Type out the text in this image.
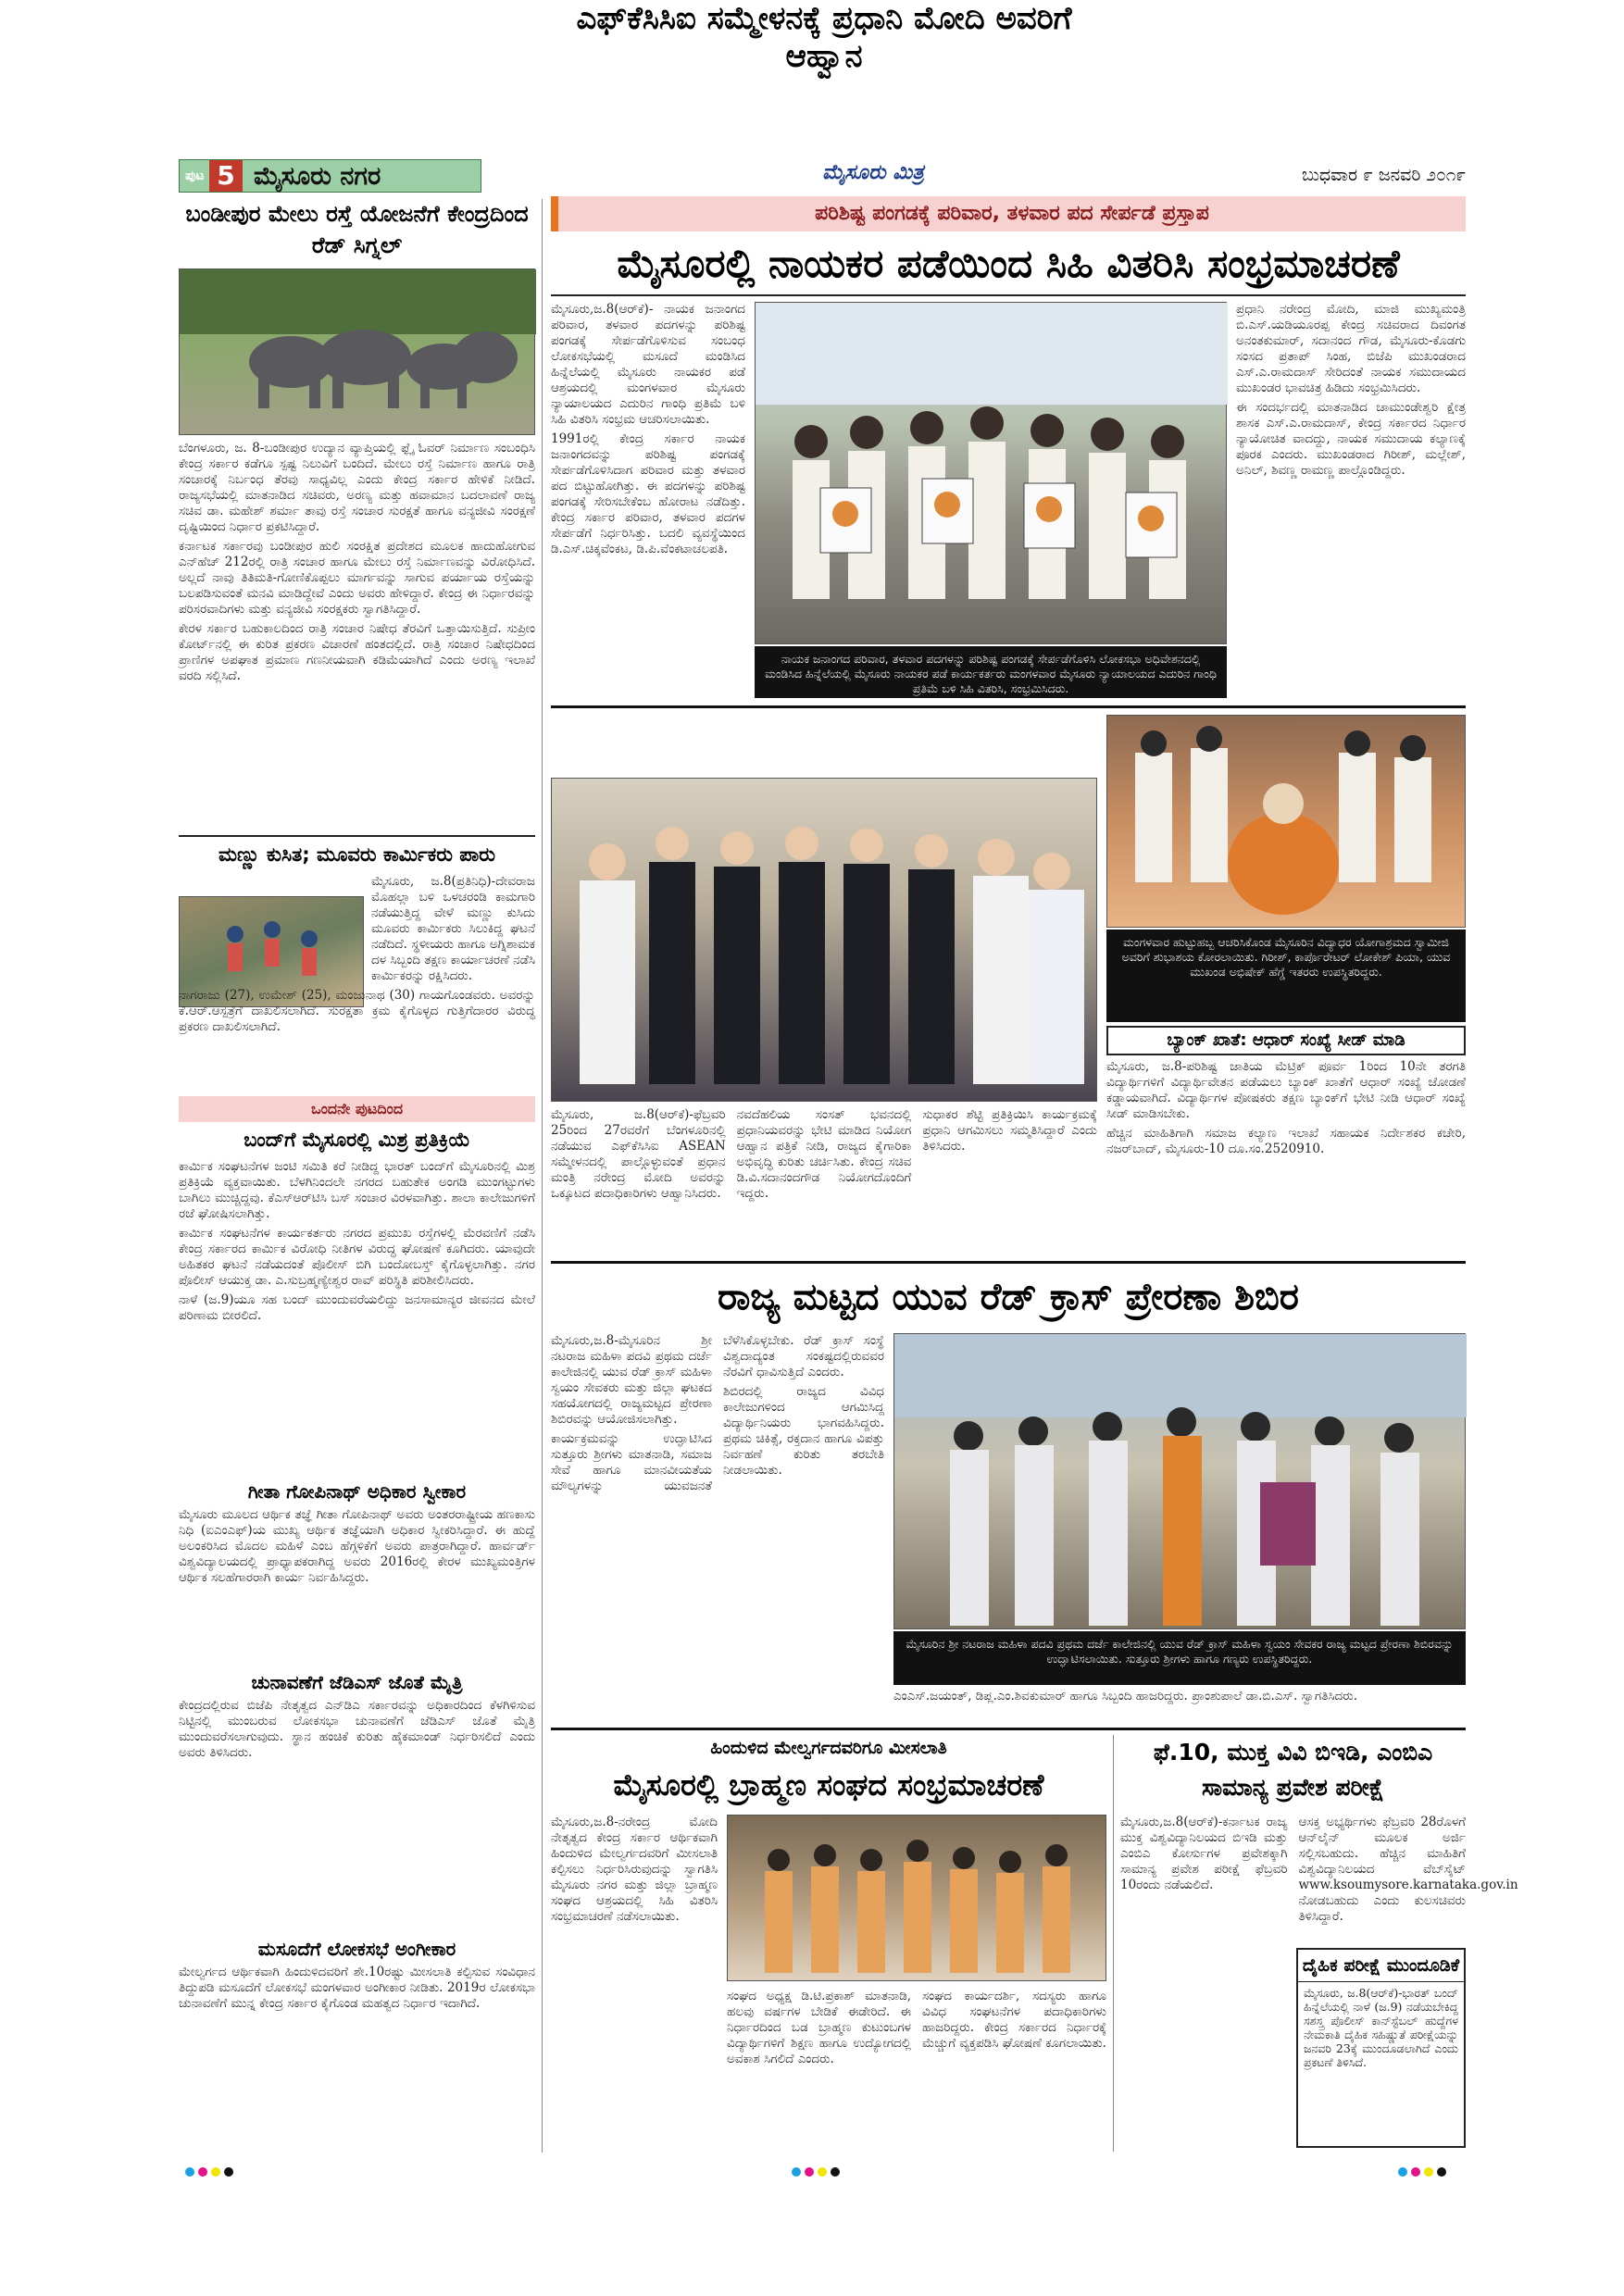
ಪುಟ 5 ಮೈಸೂರು ನಗರ	ಮೈಸೂರು ಮಿತ್ರ	ಬುಧವಾರ ೯ ಜನವರಿ ೨೦೧೯
ಪರಿಶಿಷ್ಟ ಪಂಗಡಕ್ಕೆ ಪರಿವಾರ, ತಳವಾರ ಪದ ಸೇರ್ಪಡೆ ಪ್ರಸ್ತಾಪ
ಮೈಸೂರಲ್ಲಿ ನಾಯಕರ ಪಡೆಯಿಂದ ಸಿಹಿ ವಿತರಿಸಿ ಸಂಭ್ರಮಾಚರಣೆ

ಮೈಸೂರು,ಜ.8(ಆರ್‌ಕೆ)- ನಾಯಕ ಜನಾಂಗದ ಪರಿವಾರ, ತಳವಾರ ಪದಗಳನ್ನು ಪರಿಶಿಷ್ಟ ಪಂಗಡಕ್ಕೆ ಸೇರ್ಪಡೆಗೊಳಿಸುವ ಸಂಬಂಧ ಲೋಕಸಭೆಯಲ್ಲಿ ಮಸೂದೆ ಮಂಡಿಸಿದ ಹಿನ್ನೆಲೆಯಲ್ಲಿ ಮೈಸೂರು ನಾಯಕರ ಪಡೆ ಆಶ್ರಯದಲ್ಲಿ ಮಂಗಳವಾರ ಮೈಸೂರು ನ್ಯಾಯಾಲಯದ ಎದುರಿನ ಗಾಂಧಿ ಪ್ರತಿಮೆ ಬಳಿ ಸಿಹಿ ವಿತರಿಸಿ ಸಂಭ್ರಮ ಆಚರಿಸಲಾಯಿತು.

1991ರಲ್ಲಿ ಕೇಂದ್ರ ಸರ್ಕಾರ ನಾಯಕ ಜನಾಂಗದವನ್ನು ಪರಿಶಿಷ್ಟ ಪಂಗಡಕ್ಕೆ ಸೇರ್ಪಡೆಗೊಳಿಸಿದಾಗ ಪರಿವಾರ ಮತ್ತು ತಳವಾರ ಪದ ಬಿಟ್ಟುಹೋಗಿತ್ತು. ಈ ಪದಗಳನ್ನು ಪರಿಶಿಷ್ಟ ಪಂಗಡಕ್ಕೆ ಸೇರಿಸಬೇಕೆಂಬ ಹೋರಾಟ ನಡೆದಿತ್ತು. ಕೇಂದ್ರ ಸರ್ಕಾರ ಪರಿವಾರ, ತಳವಾರ ಪದಗಳ ಸೇರ್ಪಡೆಗೆ ನಿರ್ಧರಿಸಿತ್ತು. ಬದಲಿ ವ್ಯವಸ್ಥೆಯಿಂದ ಡಿ.ಎಸ್.ಚಿಕ್ಕವೆಂಕಟ, ಡಿ.ಪಿ.ವೆಂಕಟಾಚಲಪತಿ.

ನಾಯಕ ಜನಾಂಗದ ಪರಿವಾರ, ತಳವಾರ ಪದಗಳನ್ನು ಪರಿಶಿಷ್ಟ ಪಂಗಡಕ್ಕೆ ಸೇರ್ಪಡೆಗೊಳಿಸಿ ಲೋಕಸಭಾ ಅಧಿವೇಶನದಲ್ಲಿ ಮಂಡಿಸಿದ ಹಿನ್ನೆಲೆಯಲ್ಲಿ ಮೈಸೂರು ನಾಯಕರ ಪಡೆ ಕಾರ್ಯಕರ್ತರು ಮಂಗಳವಾರ ಮೈಸೂರು ನ್ಯಾಯಾಲಯದ ಎದುರಿನ ಗಾಂಧಿ ಪ್ರತಿಮೆ ಬಳಿ ಸಿಹಿ ವಿತರಿಸಿ, ಸಂಭ್ರಮಿಸಿದರು.

ಪ್ರಧಾನಿ ನರೇಂದ್ರ ಮೋದಿ, ಮಾಜಿ ಮುಖ್ಯಮಂತ್ರಿ ಬಿ.ಎಸ್.ಯಡಿಯೂರಪ್ಪ ಕೇಂದ್ರ ಸಚಿವರಾದ ದಿವಂಗತ ಅನಂತಕುಮಾರ್, ಸದಾನಂದ ಗೌಡ, ಮೈಸೂರು-ಕೊಡಗು ಸಂಸದ ಪ್ರತಾಪ್ ಸಿಂಹ, ಬಿಜೆಪಿ ಮುಖಂಡರಾದ ಎಸ್.ಎ.ರಾಮದಾಸ್ ಸೇರಿದಂತೆ ನಾಯಕ ಸಮುದಾಯದ ಮುಖಂಡರ ಭಾವಚಿತ್ರ ಹಿಡಿದು ಸಂಭ್ರಮಿಸಿದರು.

ಈ ಸಂದರ್ಭದಲ್ಲಿ ಮಾತನಾಡಿದ ಚಾಮುಂಡೇಶ್ವರಿ ಕ್ಷೇತ್ರ ಶಾಸಕ ಎಸ್.ಎ.ರಾಮದಾಸ್, ಕೇಂದ್ರ ಸರ್ಕಾರದ ನಿರ್ಧಾರ ನ್ಯಾಯೋಚಿತ ವಾದದ್ದು, ನಾಯಕ ಸಮುದಾಯ ಕಲ್ಯಾಣಕ್ಕೆ ಪೂರಕ ಎಂದರು. ಮುಖಂಡರಾದ ಗಿರೀಶ್, ಮಲ್ಲೇಶ್, ಅನಿಲ್, ಶಿವಣ್ಣ ರಾಮಣ್ಣ ಪಾಲ್ಗೊಂಡಿದ್ದರು.

ಬಂಡೀಪುರ ಮೇಲು ರಸ್ತೆ ಯೋಜನೆಗೆ ಕೇಂದ್ರದಿಂದ ರೆಡ್ ಸಿಗ್ನಲ್

ಬೆಂಗಳೂರು, ಜ. 8-ಬಂಡೀಪುರ ಉದ್ಯಾನ ವ್ಯಾಪ್ತಿಯಲ್ಲಿ ಫ್ಲೈ ಓವರ್ ನಿರ್ಮಾಣ ಸಂಬಂಧಿಸಿ ಕೇಂದ್ರ ಸರ್ಕಾರ ಕಡೆಗೂ ಸ್ಪಷ್ಟ ನಿಲುವಿಗೆ ಬಂದಿದೆ. ಮೇಲು ರಸ್ತೆ ನಿರ್ಮಾಣ ಹಾಗೂ ರಾತ್ರಿ ಸಂಚಾರಕ್ಕೆ ನಿರ್ಬಂಧ ತೆರವು ಸಾಧ್ಯವಿಲ್ಲ ಎಂದು ಕೇಂದ್ರ ಸರ್ಕಾರ ಹೇಳಿಕೆ ನೀಡಿದೆ. ರಾಜ್ಯಸಭೆಯಲ್ಲಿ ಮಾತನಾಡಿದ ಸಚಿವರು, ಅರಣ್ಯ ಮತ್ತು ಹವಾಮಾನ ಬದಲಾವಣೆ ರಾಜ್ಯ ಸಚಿವ ಡಾ. ಮಹೇಶ್ ಶರ್ಮಾ ತಾವು ರಸ್ತೆ ಸಂಚಾರ ಸುರಕ್ಷತೆ ಹಾಗೂ ವನ್ಯಜೀವಿ ಸಂರಕ್ಷಣೆ ದೃಷ್ಟಿಯಿಂದ ನಿರ್ಧಾರ ಪ್ರಕಟಿಸಿದ್ದಾರೆ.

ಕರ್ನಾಟಕ ಸರ್ಕಾರವು ಬಂಡೀಪುರ ಹುಲಿ ಸಂರಕ್ಷಿತ ಪ್ರದೇಶದ ಮೂಲಕ ಹಾದುಹೋಗುವ ಎನ್‌ಹೆಚ್ 212ರಲ್ಲಿ ರಾತ್ರಿ ಸಂಚಾರ ಹಾಗೂ ಮೇಲು ರಸ್ತೆ ನಿರ್ಮಾಣವನ್ನು ವಿರೋಧಿಸಿದೆ. ಅಲ್ಲದೆ ನಾವು ತಿತಿಮತಿ-ಗೋಣಿಕೊಪ್ಪಲು ಮಾರ್ಗವನ್ನು ಸಾಗುವ ಪರ್ಯಾಯ ರಸ್ತೆಯನ್ನು ಬಲಪಡಿಸುವಂತೆ ಮನವಿ ಮಾಡಿದ್ದೇವೆ ಎಂದು ಅವರು ಹೇಳಿದ್ದಾರೆ. ಕೇಂದ್ರ ಈ ನಿರ್ಧಾರವನ್ನು ಪರಿಸರವಾದಿಗಳು ಮತ್ತು ವನ್ಯಜೀವಿ ಸಂರಕ್ಷಕರು ಸ್ವಾಗತಿಸಿದ್ದಾರೆ.

ಕೇರಳ ಸರ್ಕಾರ ಬಹುಕಾಲದಿಂದ ರಾತ್ರಿ ಸಂಚಾರ ನಿಷೇಧ ತೆರವಿಗೆ ಒತ್ತಾಯಿಸುತ್ತಿದೆ. ಸುಪ್ರೀಂ ಕೋರ್ಟ್‌ನಲ್ಲಿ ಈ ಕುರಿತ ಪ್ರಕರಣ ವಿಚಾರಣೆ ಹಂತದಲ್ಲಿದೆ. ರಾತ್ರಿ ಸಂಚಾರ ನಿಷೇಧದಿಂದ ಪ್ರಾಣಿಗಳ ಅಪಘಾತ ಪ್ರಮಾಣ ಗಣನೀಯವಾಗಿ ಕಡಿಮೆಯಾಗಿದೆ ಎಂದು ಅರಣ್ಯ ಇಲಾಖೆ ವರದಿ ಸಲ್ಲಿಸಿದೆ.

ಮಣ್ಣು ಕುಸಿತ; ಮೂವರು ಕಾರ್ಮಿಕರು ಪಾರು

ಮೈಸೂರು, ಜ.8(ಪ್ರತಿನಿಧಿ)-ದೇವರಾಜ ಮೊಹಲ್ಲಾ ಬಳಿ ಒಳಚರಂಡಿ ಕಾಮಗಾರಿ ನಡೆಯುತ್ತಿದ್ದ ವೇಳೆ ಮಣ್ಣು ಕುಸಿದು ಮೂವರು ಕಾರ್ಮಿಕರು ಸಿಲುಕಿದ್ದ ಘಟನೆ ನಡೆದಿದೆ. ಸ್ಥಳೀಯರು ಹಾಗೂ ಅಗ್ನಿಶಾಮಕ ದಳ ಸಿಬ್ಬಂದಿ ತಕ್ಷಣ ಕಾರ್ಯಾಚರಣೆ ನಡೆಸಿ ಕಾರ್ಮಿಕರನ್ನು ರಕ್ಷಿಸಿದರು.

ನಾಗರಾಜು (27), ಉಮೇಶ್ (25), ಮಂಜುನಾಥ (30) ಗಾಯಗೊಂಡವರು. ಅವರನ್ನು ಕೆ.ಆರ್.ಆಸ್ಪತ್ರೆಗೆ ದಾಖಲಿಸಲಾಗಿದೆ. ಸುರಕ್ಷತಾ ಕ್ರಮ ಕೈಗೊಳ್ಳದ ಗುತ್ತಿಗೆದಾರರ ವಿರುದ್ಧ ಪ್ರಕರಣ ದಾಖಲಿಸಲಾಗಿದೆ.

ಒಂದನೇ ಪುಟದಿಂದ
ಬಂದ್‌ಗೆ ಮೈಸೂರಲ್ಲಿ ಮಿಶ್ರ ಪ್ರತಿಕ್ರಿಯೆ

ಕಾರ್ಮಿಕ ಸಂಘಟನೆಗಳ ಜಂಟಿ ಸಮಿತಿ ಕರೆ ನೀಡಿದ್ದ ಭಾರತ್ ಬಂದ್‌ಗೆ ಮೈಸೂರಿನಲ್ಲಿ ಮಿಶ್ರ ಪ್ರತಿಕ್ರಿಯೆ ವ್ಯಕ್ತವಾಯಿತು. ಬೆಳಗಿನಿಂದಲೇ ನಗರದ ಬಹುತೇಕ ಅಂಗಡಿ ಮುಂಗಟ್ಟುಗಳು ಬಾಗಿಲು ಮುಚ್ಚಿದ್ದವು. ಕೆಎಸ್‌ಆರ್‌ಟಿಸಿ ಬಸ್ ಸಂಚಾರ ವಿರಳವಾಗಿತ್ತು. ಶಾಲಾ ಕಾಲೇಜುಗಳಿಗೆ ರಜೆ ಘೋಷಿಸಲಾಗಿತ್ತು.

ಕಾರ್ಮಿಕ ಸಂಘಟನೆಗಳ ಕಾರ್ಯಕರ್ತರು ನಗರದ ಪ್ರಮುಖ ರಸ್ತೆಗಳಲ್ಲಿ ಮೆರವಣಿಗೆ ನಡೆಸಿ ಕೇಂದ್ರ ಸರ್ಕಾರದ ಕಾರ್ಮಿಕ ವಿರೋಧಿ ನೀತಿಗಳ ವಿರುದ್ಧ ಘೋಷಣೆ ಕೂಗಿದರು. ಯಾವುದೇ ಅಹಿತಕರ ಘಟನೆ ನಡೆಯದಂತೆ ಪೊಲೀಸ್ ಬಿಗಿ ಬಂದೋಬಸ್ತ್ ಕೈಗೊಳ್ಳಲಾಗಿತ್ತು. ನಗರ ಪೊಲೀಸ್ ಆಯುಕ್ತ ಡಾ. ಎ.ಸುಬ್ರಹ್ಮಣ್ಯೇಶ್ವರ ರಾವ್ ಪರಿಸ್ಥಿತಿ ಪರಿಶೀಲಿಸಿದರು.

ನಾಳೆ (ಜ.9)ಯೂ ಸಹ ಬಂದ್ ಮುಂದುವರೆಯಲಿದ್ದು ಜನಸಾಮಾನ್ಯರ ಜೀವನದ ಮೇಲೆ ಪರಿಣಾಮ ಬೀರಲಿದೆ.

ಗೀತಾ ಗೋಪಿನಾಥ್ ಅಧಿಕಾರ ಸ್ವೀಕಾರ

ಮೈಸೂರು ಮೂಲದ ಆರ್ಥಿಕ ತಜ್ಞೆ ಗೀತಾ ಗೋಪಿನಾಥ್ ಅವರು ಅಂತರರಾಷ್ಟ್ರೀಯ ಹಣಕಾಸು ನಿಧಿ (ಐಎಂಎಫ್)ಯ ಮುಖ್ಯ ಆರ್ಥಿಕ ತಜ್ಞೆಯಾಗಿ ಅಧಿಕಾರ ಸ್ವೀಕರಿಸಿದ್ದಾರೆ. ಈ ಹುದ್ದೆ ಅಲಂಕರಿಸಿದ ಮೊದಲ ಮಹಿಳೆ ಎಂಬ ಹೆಗ್ಗಳಿಕೆಗೆ ಅವರು ಪಾತ್ರರಾಗಿದ್ದಾರೆ. ಹಾರ್ವರ್ಡ್ ವಿಶ್ವವಿದ್ಯಾಲಯದಲ್ಲಿ ಪ್ರಾಧ್ಯಾಪಕರಾಗಿದ್ದ ಅವರು 2016ರಲ್ಲಿ ಕೇರಳ ಮುಖ್ಯಮಂತ್ರಿಗಳ ಆರ್ಥಿಕ ಸಲಹೆಗಾರರಾಗಿ ಕಾರ್ಯ ನಿರ್ವಹಿಸಿದ್ದರು.

ಚುನಾವಣೆಗೆ ಜೆಡಿಎಸ್ ಜೊತೆ ಮೈತ್ರಿ

ಕೇಂದ್ರದಲ್ಲಿರುವ ಬಿಜೆಪಿ ನೇತೃತ್ವದ ಎನ್‌ಡಿಎ ಸರ್ಕಾರವನ್ನು ಅಧಿಕಾರದಿಂದ ಕೆಳಗಿಳಿಸುವ ನಿಟ್ಟಿನಲ್ಲಿ ಮುಂಬರುವ ಲೋಕಸಭಾ ಚುನಾವಣೆಗೆ ಜೆಡಿಎಸ್ ಜೊತೆ ಮೈತ್ರಿ ಮುಂದುವರೆಸಲಾಗುವುದು. ಸ್ಥಾನ ಹಂಚಿಕೆ ಕುರಿತು ಹೈಕಮಾಂಡ್ ನಿರ್ಧರಿಸಲಿದೆ ಎಂದು ಅವರು ತಿಳಿಸಿದರು.

ಮಸೂದೆಗೆ ಲೋಕಸಭೆ ಅಂಗೀಕಾರ

ಮೇಲ್ವರ್ಗದ ಆರ್ಥಿಕವಾಗಿ ಹಿಂದುಳಿದವರಿಗೆ ಶೇ.10ರಷ್ಟು ಮೀಸಲಾತಿ ಕಲ್ಪಿಸುವ ಸಂವಿಧಾನ ತಿದ್ದುಪಡಿ ಮಸೂದೆಗೆ ಲೋಕಸಭೆ ಮಂಗಳವಾರ ಅಂಗೀಕಾರ ನೀಡಿತು. 2019ರ ಲೋಕಸಭಾ ಚುನಾವಣೆಗೆ ಮುನ್ನ ಕೇಂದ್ರ ಸರ್ಕಾರ ಕೈಗೊಂಡ ಮಹತ್ವದ ನಿರ್ಧಾರ ಇದಾಗಿದೆ.

ಎಫ್‌ಕೆಸಿಸಿಐ ಸಮ್ಮೇಳನಕ್ಕೆ ಪ್ರಧಾನಿ ಮೋದಿ ಅವರಿಗೆ ಆಹ್ವಾನ

ಮೈಸೂರು, ಜ.8(ಆರ್‌ಕೆ)-ಫೆಬ್ರವರಿ 25ರಿಂದ 27ರವರೆಗೆ ಬೆಂಗಳೂರಿನಲ್ಲಿ ನಡೆಯುವ ಎಫ್‌ಕೆಸಿಸಿಐ ASEAN ಸಮ್ಮೇಳನದಲ್ಲಿ ಪಾಲ್ಗೊಳ್ಳುವಂತೆ ಪ್ರಧಾನ ಮಂತ್ರಿ ನರೇಂದ್ರ ಮೋದಿ ಅವರನ್ನು ಒಕ್ಕೂಟದ ಪದಾಧಿಕಾರಿಗಳು ಆಹ್ವಾನಿಸಿದರು.

ನವದೆಹಲಿಯ ಸಂಸತ್ ಭವನದಲ್ಲಿ ಪ್ರಧಾನಿಯವರನ್ನು ಭೇಟಿ ಮಾಡಿದ ನಿಯೋಗ ಆಹ್ವಾನ ಪತ್ರಿಕೆ ನೀಡಿ, ರಾಜ್ಯದ ಕೈಗಾರಿಕಾ ಅಭಿವೃದ್ಧಿ ಕುರಿತು ಚರ್ಚಿಸಿತು. ಕೇಂದ್ರ ಸಚಿವ ಡಿ.ವಿ.ಸದಾನಂದಗೌಡ ನಿಯೋಗದೊಂದಿಗೆ ಇದ್ದರು.

ಸುಧಾಕರ ಶೆಟ್ಟಿ ಪ್ರತಿಕ್ರಿಯಿಸಿ ಕಾರ್ಯಕ್ರಮಕ್ಕೆ ಪ್ರಧಾನಿ ಆಗಮಿಸಲು ಸಮ್ಮತಿಸಿದ್ದಾರೆ ಎಂದು ತಿಳಿಸಿದರು.

ಮಂಗಳವಾರ ಹುಟ್ಟುಹಬ್ಬ ಆಚರಿಸಿಕೊಂಡ ಮೈಸೂರಿನ ವಿದ್ಯಾಧರ ಯೋಗಾಶ್ರಮದ ಸ್ವಾಮೀಜಿ ಅವರಿಗೆ ಶುಭಾಶಯ ಕೋರಲಾಯಿತು. ಗಿರೀಶ್, ಕಾರ್ಪೊರೇಟರ್ ಲೋಕೇಶ್ ಪಿಯಾ, ಯುವ ಮುಖಂಡ ಅಭಿಷೇಕ್ ಹೆಗ್ಡೆ ಇತರರು ಉಪಸ್ಥಿತರಿದ್ದರು.
ಬ್ಯಾಂಕ್ ಖಾತೆ: ಆಧಾರ್ ಸಂಖ್ಯೆ ಸೀಡ್ ಮಾಡಿ

ಮೈಸೂರು, ಜ.8-ಪರಿಶಿಷ್ಟ ಜಾತಿಯ ಮೆಟ್ರಿಕ್ ಪೂರ್ವ 1ರಿಂದ 10ನೇ ತರಗತಿ ವಿದ್ಯಾರ್ಥಿಗಳಿಗೆ ವಿದ್ಯಾರ್ಥಿವೇತನ ಪಡೆಯಲು ಬ್ಯಾಂಕ್ ಖಾತೆಗೆ ಆಧಾರ್ ಸಂಖ್ಯೆ ಜೋಡಣೆ ಕಡ್ಡಾಯವಾಗಿದೆ. ವಿದ್ಯಾರ್ಥಿಗಳ ಪೋಷಕರು ತಕ್ಷಣ ಬ್ಯಾಂಕ್‌ಗೆ ಭೇಟಿ ನೀಡಿ ಆಧಾರ್ ಸಂಖ್ಯೆ ಸೀಡ್ ಮಾಡಿಸಬೇಕು.

ಹೆಚ್ಚಿನ ಮಾಹಿತಿಗಾಗಿ ಸಮಾಜ ಕಲ್ಯಾಣ ಇಲಾಖೆ ಸಹಾಯಕ ನಿರ್ದೇಶಕರ ಕಚೇರಿ, ನಜರ್‌ಬಾದ್, ಮೈಸೂರು-10 ದೂ.ಸಂ.2520910.

ರಾಜ್ಯ ಮಟ್ಟದ ಯುವ ರೆಡ್ ಕ್ರಾಸ್ ಪ್ರೇರಣಾ ಶಿಬಿರ

ಮೈಸೂರು,ಜ.8-ಮೈಸೂರಿನ ಶ್ರೀ ನಟರಾಜ ಮಹಿಳಾ ಪದವಿ ಪ್ರಥಮ ದರ್ಜೆ ಕಾಲೇಜಿನಲ್ಲಿ ಯುವ ರೆಡ್ ಕ್ರಾಸ್ ಮಹಿಳಾ ಸ್ವಯಂ ಸೇವಕರು ಮತ್ತು ಜಿಲ್ಲಾ ಘಟಕದ ಸಹಯೋಗದಲ್ಲಿ ರಾಜ್ಯಮಟ್ಟದ ಪ್ರೇರಣಾ ಶಿಬಿರವನ್ನು ಆಯೋಜಿಸಲಾಗಿತ್ತು.

ಕಾರ್ಯಕ್ರಮವನ್ನು ಉದ್ಘಾಟಿಸಿದ ಸುತ್ತೂರು ಶ್ರೀಗಳು ಮಾತನಾಡಿ, ಸಮಾಜ ಸೇವೆ ಹಾಗೂ ಮಾನವೀಯತೆಯ ಮೌಲ್ಯಗಳನ್ನು ಯುವಜನತೆ ಬೆಳೆಸಿಕೊಳ್ಳಬೇಕು. ರೆಡ್ ಕ್ರಾಸ್ ಸಂಸ್ಥೆ ವಿಶ್ವದಾದ್ಯಂತ ಸಂಕಷ್ಟದಲ್ಲಿರುವವರ ನೆರವಿಗೆ ಧಾವಿಸುತ್ತಿದೆ ಎಂದರು.

ಶಿಬಿರದಲ್ಲಿ ರಾಜ್ಯದ ವಿವಿಧ ಕಾಲೇಜುಗಳಿಂದ ಆಗಮಿಸಿದ್ದ ವಿದ್ಯಾರ್ಥಿನಿಯರು ಭಾಗವಹಿಸಿದ್ದರು. ಪ್ರಥಮ ಚಿಕಿತ್ಸೆ, ರಕ್ತದಾನ ಹಾಗೂ ವಿಪತ್ತು ನಿರ್ವಹಣೆ ಕುರಿತು ತರಬೇತಿ ನೀಡಲಾಯಿತು.

ಮೈಸೂರಿನ ಶ್ರೀ ನಟರಾಜ ಮಹಿಳಾ ಪದವಿ ಪ್ರಥಮ ದರ್ಜೆ ಕಾಲೇಜಿನಲ್ಲಿ ಯುವ ರೆಡ್ ಕ್ರಾಸ್ ಮಹಿಳಾ ಸ್ವಯಂ ಸೇವಕರ ರಾಜ್ಯ ಮಟ್ಟದ ಪ್ರೇರಣಾ ಶಿಬಿರವನ್ನು ಉದ್ಘಾಟಿಸಲಾಯಿತು. ಸುತ್ತೂರು ಶ್ರೀಗಳು ಹಾಗೂ ಗಣ್ಯರು ಉಪಸ್ಥಿತರಿದ್ದರು.

ಎಂಎಸ್.ಜಯಂತ್, ಡಿಪ್ಲ.ಎಂ.ಶಿವಕುಮಾರ್ ಹಾಗೂ ಸಿಬ್ಬಂದಿ ಹಾಜರಿದ್ದರು. ಪ್ರಾಂಶುಪಾಲೆ ಡಾ.ಬಿ.ಎಸ್. ಸ್ವಾಗತಿಸಿದರು.

ಹಿಂದುಳಿದ ಮೇಲ್ವರ್ಗದವರಿಗೂ ಮೀಸಲಾತಿ
ಮೈಸೂರಲ್ಲಿ ಬ್ರಾಹ್ಮಣ ಸಂಘದ ಸಂಭ್ರಮಾಚರಣೆ

ಮೈಸೂರು,ಜ.8-ನರೇಂದ್ರ ಮೋದಿ ನೇತೃತ್ವದ ಕೇಂದ್ರ ಸರ್ಕಾರ ಆರ್ಥಿಕವಾಗಿ ಹಿಂದುಳಿದ ಮೇಲ್ವರ್ಗದವರಿಗೆ ಮೀಸಲಾತಿ ಕಲ್ಪಿಸಲು ನಿರ್ಧರಿಸಿರುವುದನ್ನು ಸ್ವಾಗತಿಸಿ ಮೈಸೂರು ನಗರ ಮತ್ತು ಜಿಲ್ಲಾ ಬ್ರಾಹ್ಮಣ ಸಂಘದ ಆಶ್ರಯದಲ್ಲಿ ಸಿಹಿ ವಿತರಿಸಿ ಸಂಭ್ರಮಾಚರಣೆ ನಡೆಸಲಾಯಿತು.

ಸಂಘದ ಅಧ್ಯಕ್ಷ ಡಿ.ಟಿ.ಪ್ರಕಾಶ್ ಮಾತನಾಡಿ, ಹಲವು ವರ್ಷಗಳ ಬೇಡಿಕೆ ಈಡೇರಿದೆ. ಈ ನಿರ್ಧಾರದಿಂದ ಬಡ ಬ್ರಾಹ್ಮಣ ಕುಟುಂಬಗಳ ವಿದ್ಯಾರ್ಥಿಗಳಿಗೆ ಶಿಕ್ಷಣ ಹಾಗೂ ಉದ್ಯೋಗದಲ್ಲಿ ಅವಕಾಶ ಸಿಗಲಿದೆ ಎಂದರು.

ಸಂಘದ ಕಾರ್ಯದರ್ಶಿ, ಸದಸ್ಯರು ಹಾಗೂ ವಿವಿಧ ಸಂಘಟನೆಗಳ ಪದಾಧಿಕಾರಿಗಳು ಹಾಜರಿದ್ದರು. ಕೇಂದ್ರ ಸರ್ಕಾರದ ನಿರ್ಧಾರಕ್ಕೆ ಮೆಚ್ಚುಗೆ ವ್ಯಕ್ತಪಡಿಸಿ ಘೋಷಣೆ ಕೂಗಲಾಯಿತು.

ಫೆ.10, ಮುಕ್ತ ವಿವಿ ಬಿಇಡಿ, ಎಂಬಿಎ ಸಾಮಾನ್ಯ ಪ್ರವೇಶ ಪರೀಕ್ಷೆ

ಮೈಸೂರು,ಜ.8(ಆರ್‌ಕೆ)-ಕರ್ನಾಟಕ ರಾಜ್ಯ ಮುಕ್ತ ವಿಶ್ವವಿದ್ಯಾನಿಲಯದ ಬಿಇಡಿ ಮತ್ತು ಎಂಬಿಎ ಕೋರ್ಸುಗಳ ಪ್ರವೇಶಕ್ಕಾಗಿ ಸಾಮಾನ್ಯ ಪ್ರವೇಶ ಪರೀಕ್ಷೆ ಫೆಬ್ರವರಿ 10ರಂದು ನಡೆಯಲಿದೆ.

ಆಸಕ್ತ ಅಭ್ಯರ್ಥಿಗಳು ಫೆಬ್ರವರಿ 28ರೊಳಗೆ ಆನ್‌ಲೈನ್ ಮೂಲಕ ಅರ್ಜಿ ಸಲ್ಲಿಸಬಹುದು. ಹೆಚ್ಚಿನ ಮಾಹಿತಿಗೆ ವಿಶ್ವವಿದ್ಯಾನಿಲಯದ ವೆಬ್‌ಸೈಟ್ www.ksoumysore.karnataka.gov.in ನೋಡಬಹುದು ಎಂದು ಕುಲಸಚಿವರು ತಿಳಿಸಿದ್ದಾರೆ.

ದೈಹಿಕ ಪರೀಕ್ಷೆ ಮುಂದೂಡಿಕೆ

ಮೈಸೂರು, ಜ.8(ಆರ್‌ಕೆ)-ಭಾರತ್ ಬಂದ್ ಹಿನ್ನೆಲೆಯಲ್ಲಿ ನಾಳೆ (ಜ.9) ನಡೆಯಬೇಕಿದ್ದ ಸಶಸ್ತ್ರ ಪೊಲೀಸ್ ಕಾನ್‌ಸ್ಟೆಬಲ್ ಹುದ್ದೆಗಳ ನೇಮಕಾತಿ ದೈಹಿಕ ಸಹಿಷ್ಣುತೆ ಪರೀಕ್ಷೆಯನ್ನು ಜನವರಿ 23ಕ್ಕೆ ಮುಂದೂಡಲಾಗಿದೆ ಎಂದು ಪ್ರಕಟಣೆ ತಿಳಿಸಿದೆ.
